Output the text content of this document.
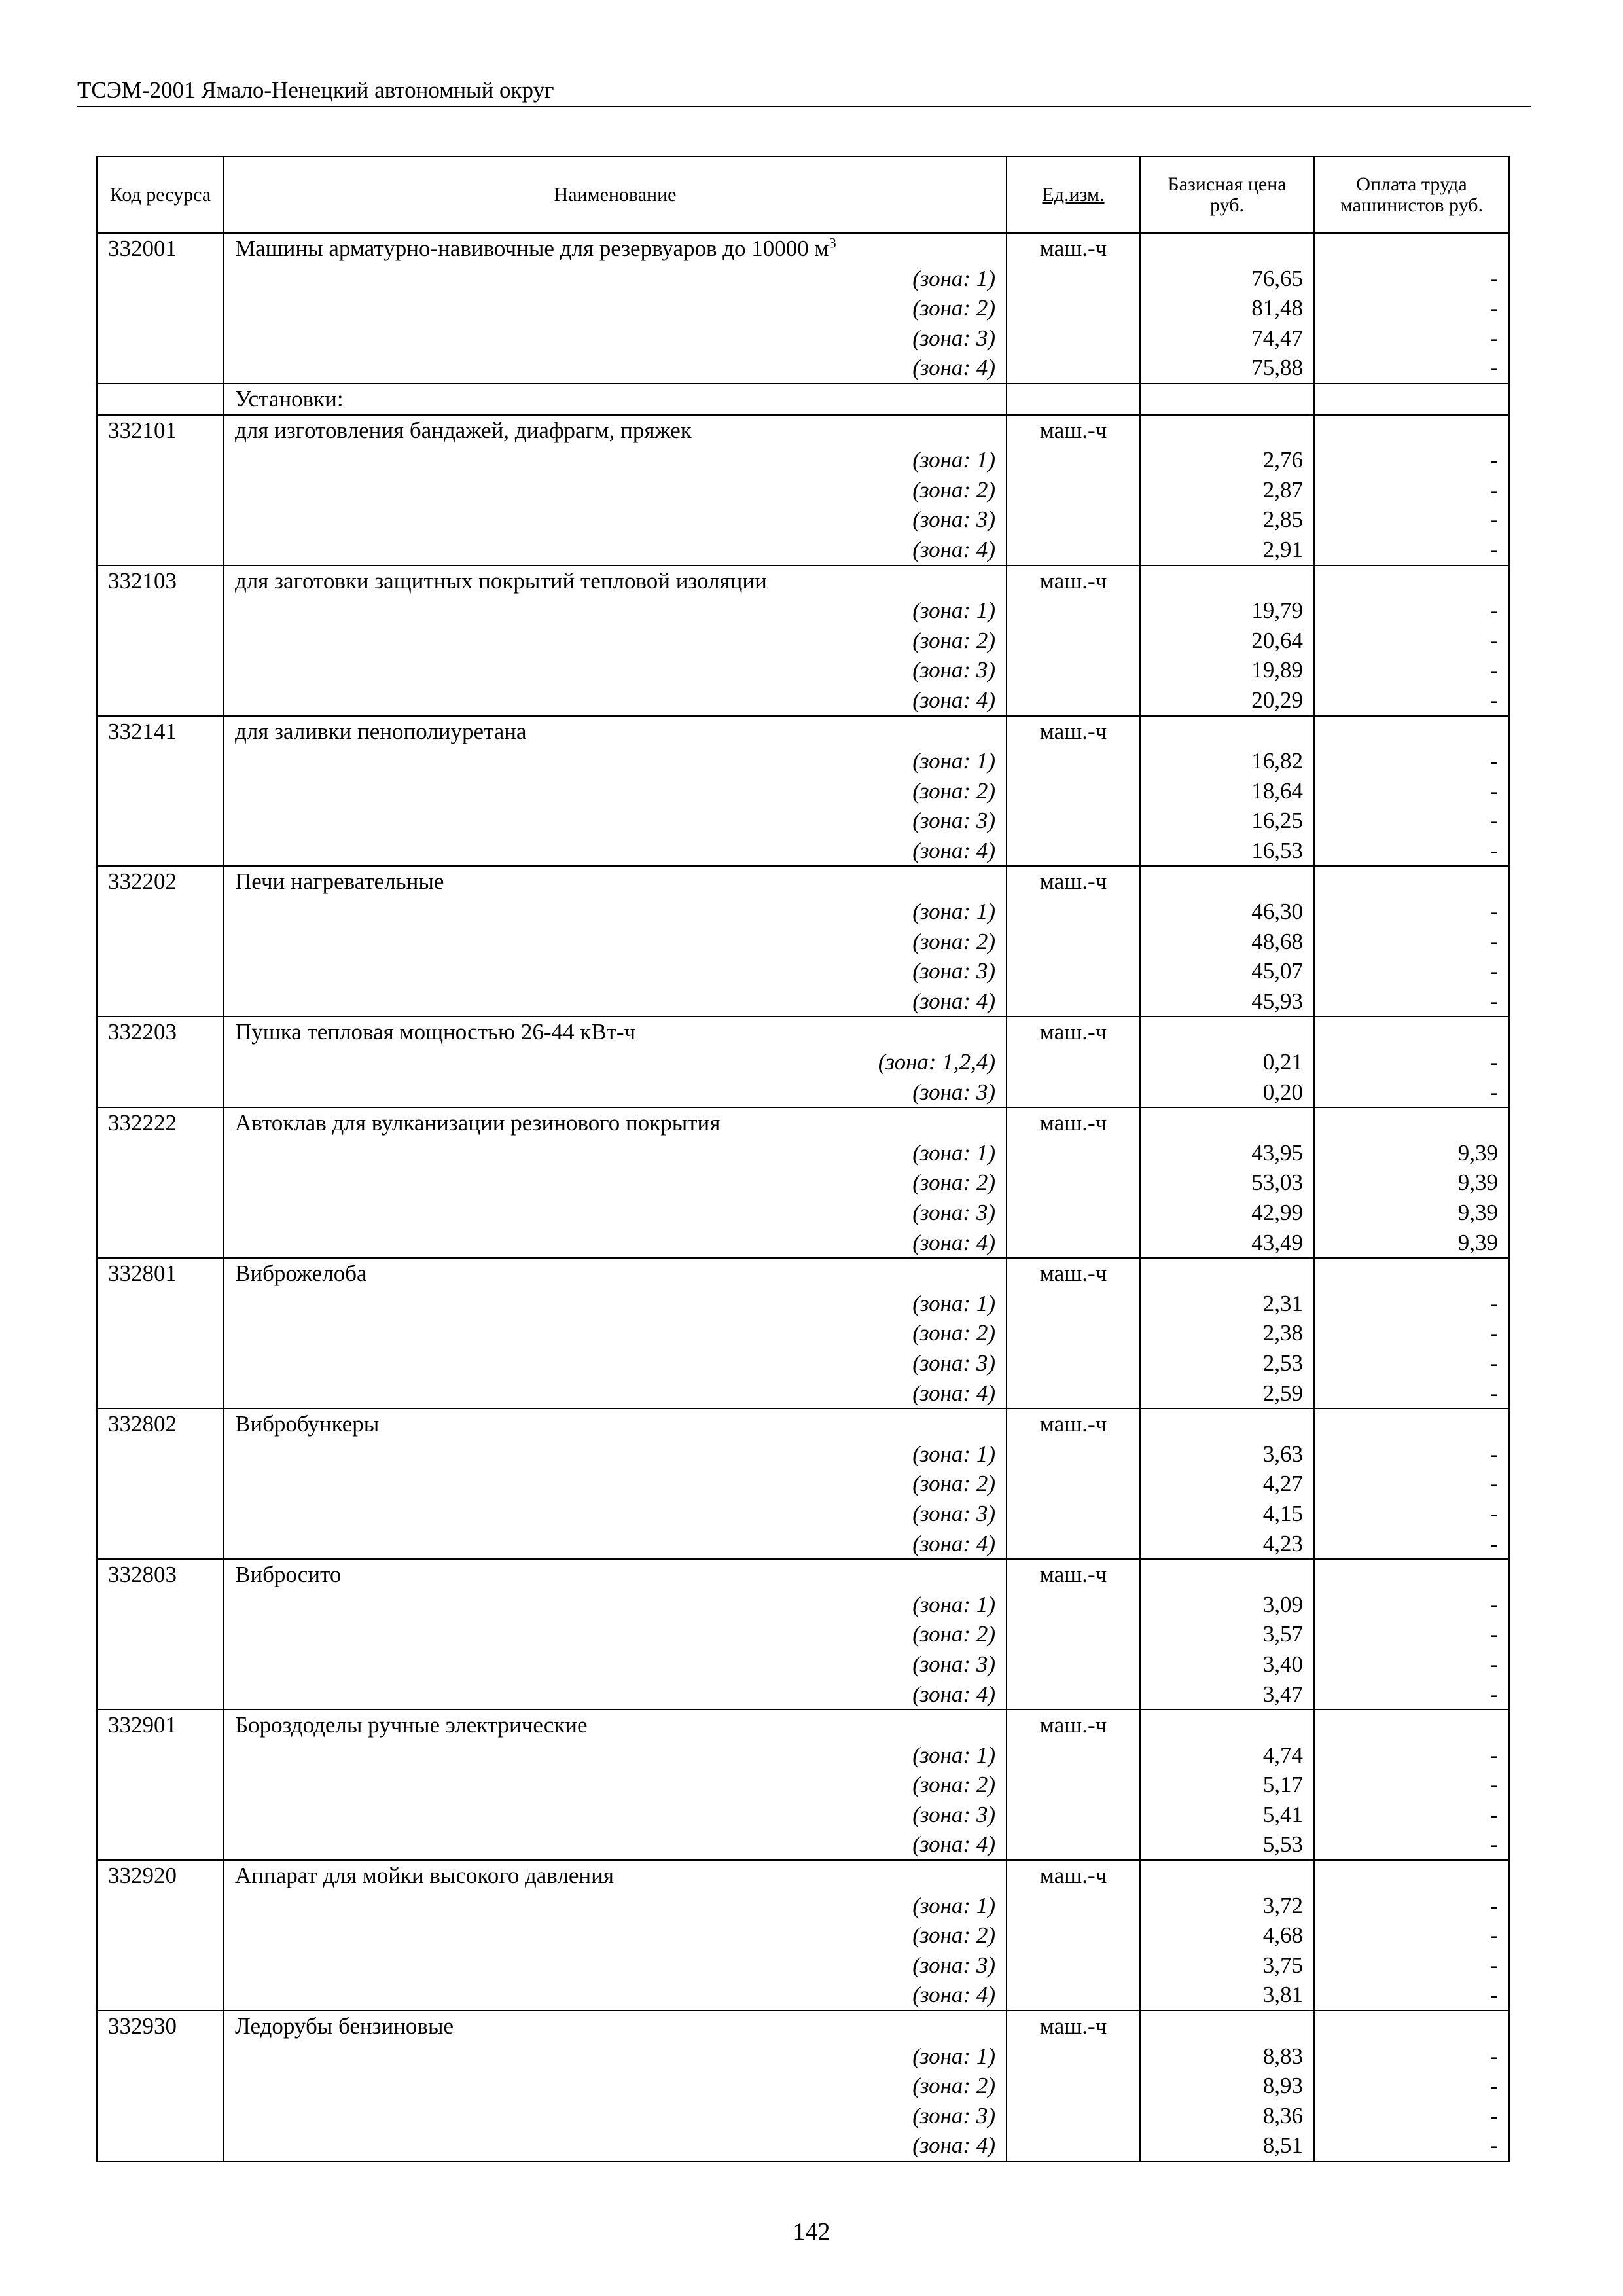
ТСЭМ-2001 Ямало-Ненецкий автономный округ
Код ресурса	Наименование	Ед.изм.	Базисная цена руб.	Оплата труда машинистов руб.
332001	Машины арматурно-навивочные для резервуаров до 10000 $м^3$	маш.-ч		
	(зона: 1)		76,65	-
	(зона: 2)		81,48	-
	(зона: 3)		74,47	-
	(зона: 4)		75,88	-
	Установки:			
332101	для изготовления бандажей, диафрагм, пряжек	маш.-ч		
	(зона: 1)		2,76	-
	(зона: 2)		2,87	-
	(зона: 3)		2,85	-
	(зона: 4)		2,91	-
332103	для заготовки защитных покрытий тепловой изоляции	маш.-ч		
	(зона: 1)		19,79	-
	(зона: 2)		20,64	-
	(зона: 3)		19,89	-
	(зона: 4)		20,29	-
332141	для заливки пенополиуретана	маш.-ч		
	(зона: 1)		16,82	-
	(зона: 2)		18,64	-
	(зона: 3)		16,25	-
	(зона: 4)		16,53	-
332202	Печи нагревательные	маш.-ч		
	(зона: 1)		46,30	-
	(зона: 2)		48,68	-
	(зона: 3)		45,07	-
	(зона: 4)		45,93	-
332203	Пушка тепловая мощностью 26-44 кВт-ч	маш.-ч		
	(зона: 1,2,4)		0,21	-
	(зона: 3)		0,20	-
332222	Автоклав для вулканизации резинового покрытия	маш.-ч		
	(зона: 1)		43,95	9,39
	(зона: 2)		53,03	9,39
	(зона: 3)		42,99	9,39
	(зона: 4)		43,49	9,39
332801	Виброжелоба	маш.-ч		
	(зона: 1)		2,31	-
	(зона: 2)		2,38	-
	(зона: 3)		2,53	-
	(зона: 4)		2,59	-
332802	Вибробункеры	маш.-ч		
	(зона: 1)		3,63	-
	(зона: 2)		4,27	-
	(зона: 3)		4,15	-
	(зона: 4)		4,23	-
332803	Вибросито	маш.-ч		
	(зона: 1)		3,09	-
	(зона: 2)		3,57	-
	(зона: 3)		3,40	-
	(зона: 4)		3,47	-
332901	Бороздоделы ручные электрические	маш.-ч		
	(зона: 1)		4,74	-
	(зона: 2)		5,17	-
	(зона: 3)		5,41	-
	(зона: 4)		5,53	-
332920	Аппарат для мойки высокого давления	маш.-ч		
	(зона: 1)		3,72	-
	(зона: 2)		4,68	-
	(зона: 3)		3,75	-
	(зона: 4)		3,81	-
332930	Ледорубы бензиновые	маш.-ч		
	(зона: 1)		8,83	-
	(зона: 2)		8,93	-
	(зона: 3)		8,36	-
	(зона: 4)		8,51	-
142
